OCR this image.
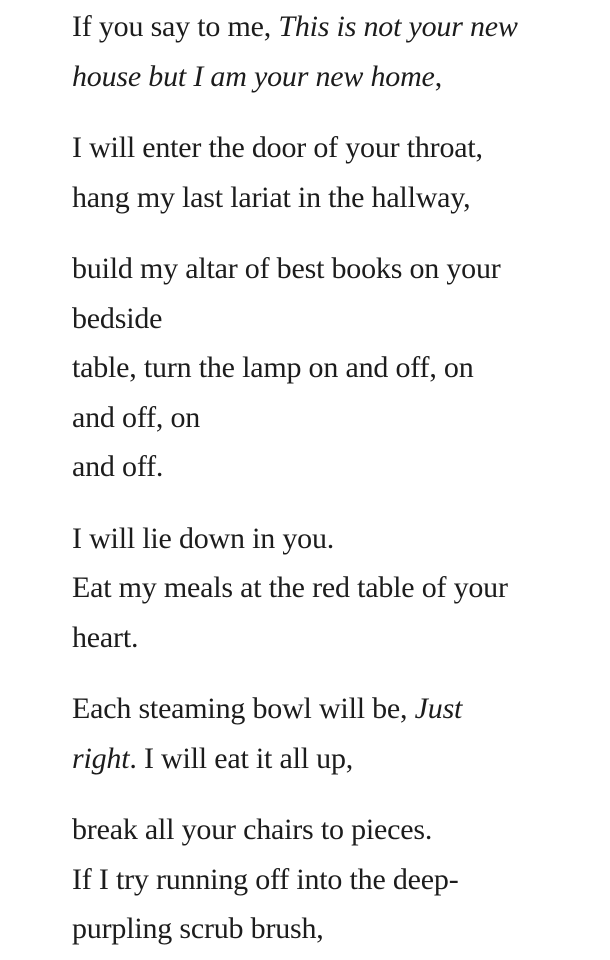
If you say to me, This is not your new
house but I am your new home,

I will enter the door of your throat,
hang my last lariat in the hallway,

build my altar of best books on your
bedside
table, turn the lamp on and off, on
and off, on
and off.

I will lie down in you.
Eat my meals at the red table of your
heart.

Each steaming bowl will be, Just
right. I will eat it all up,

break all your chairs to pieces.
If I try running off into the deep-
purpling scrub brush,
